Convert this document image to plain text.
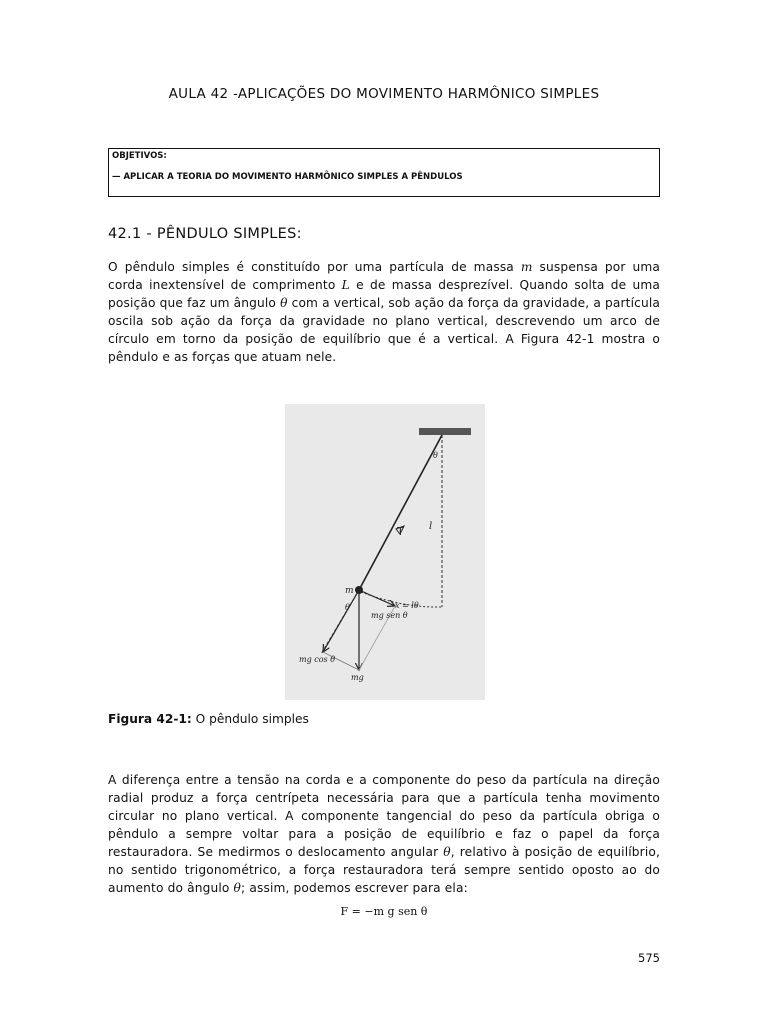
AULA 42 -APLICAÇÕES DO MOVIMENTO HARMÔNICO SIMPLES
OBJETIVOS:
— APLICAR A TEORIA DO MOVIMENTO HARMÔNICO SIMPLES A PÊNDULOS
42.1 - PÊNDULO SIMPLES:
O pêndulo simples é constituído por uma partícula de massa m suspensa por uma corda inextensível de comprimento L e de massa desprezível. Quando solta de uma posição que faz um ângulo θ com a vertical, sob ação da força da gravidade, a partícula oscila sob ação da força da gravidade no plano vertical, descrevendo um arco de círculo em torno da posição de equilíbrio que é a vertical. A Figura 42-1 mostra o pêndulo e as forças que atuam nele.
θ
T	l
m
θ	x = lθ
mg sen θ
mg cos θ
mg
Figura 42-1: O pêndulo simples
A diferença entre a tensão na corda e a componente do peso da partícula na direção radial produz a força centrípeta necessária para que a partícula tenha movimento circular no plano vertical. A componente tangencial do peso da partícula obriga o pêndulo a sempre voltar para a posição de equilíbrio e faz o papel da força restauradora. Se medirmos o deslocamento angular θ, relativo à posição de equilíbrio, no sentido trigonométrico, a força restauradora terá sempre sentido oposto ao do aumento do ângulo θ; assim, podemos escrever para ela:
F = −m g sen θ
575
